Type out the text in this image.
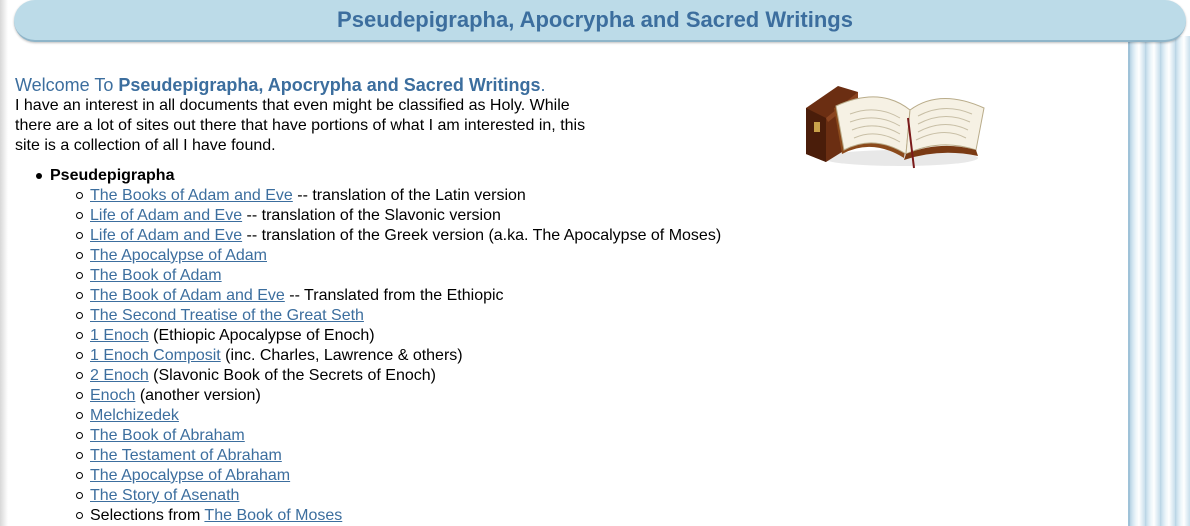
Pseudepigrapha, Apocrypha and Sacred Writings
Welcome To Pseudepigrapha, Apocrypha and Sacred Writings.
I have an interest in all documents that even might be classified as Holy. While there are a lot of sites out there that have portions of what I am interested in, this site is a collection of all I have found.
Pseudepigrapha
The Books of Adam and Eve -- translation of the Latin version
Life of Adam and Eve -- translation of the Slavonic version
Life of Adam and Eve -- translation of the Greek version (a.ka. The Apocalypse of Moses)
The Apocalypse of Adam
The Book of Adam
The Book of Adam and Eve -- Translated from the Ethiopic
The Second Treatise of the Great Seth
1 Enoch (Ethiopic Apocalypse of Enoch)
1 Enoch Composit (inc. Charles, Lawrence & others)
2 Enoch (Slavonic Book of the Secrets of Enoch)
Enoch (another version)
Melchizedek
The Book of Abraham
The Testament of Abraham
The Apocalypse of Abraham
The Story of Asenath
Selections from The Book of Moses
